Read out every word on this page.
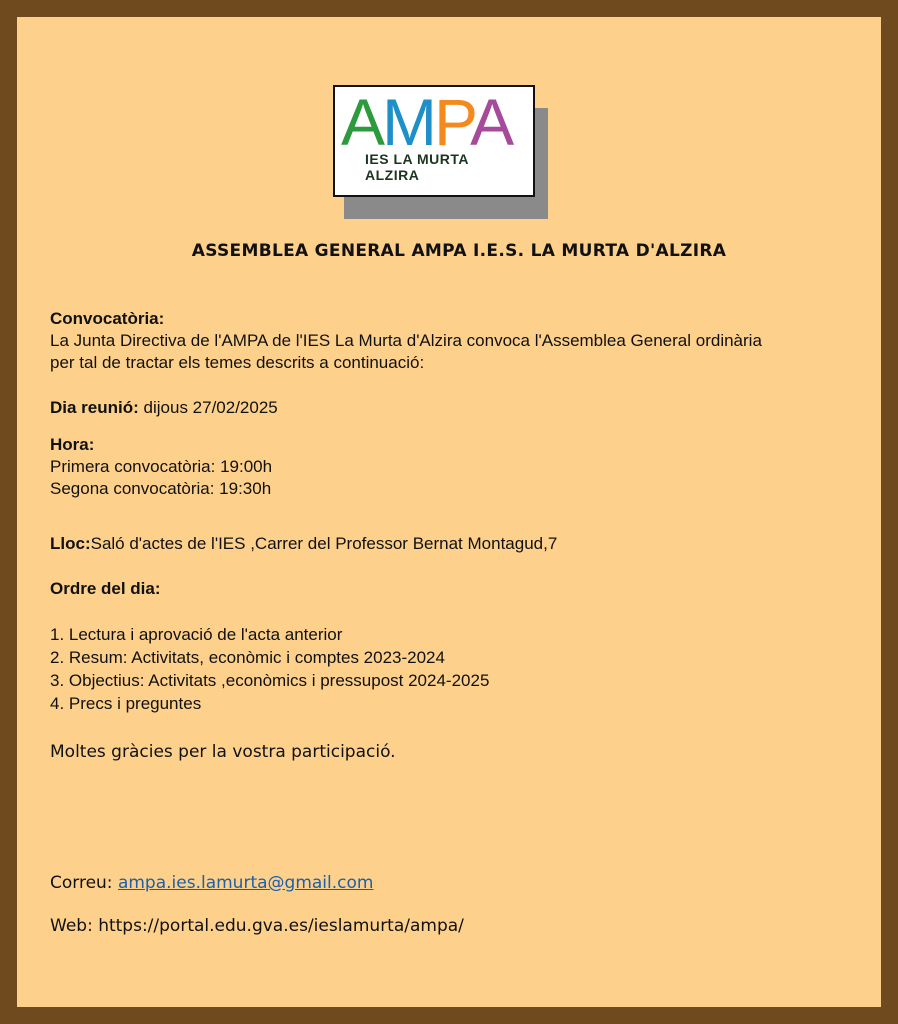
AMPA
IES LA MURTA
ALZIRA
ASSEMBLEA GENERAL AMPA I.E.S. LA MURTA D'ALZIRA
Convocatòria:
La Junta Directiva de l'AMPA de l'IES La Murta d'Alzira convoca l'Assemblea General ordinària
per tal de tractar els temes descrits a continuació:
Dia reunió: dijous 27/02/2025
Hora:
Primera convocatòria: 19:00h
Segona convocatòria: 19:30h
Lloc:Saló d'actes de l'IES ,Carrer del Professor Bernat Montagud,7
Ordre del dia:
1. Lectura i aprovació de l'acta anterior
2. Resum: Activitats, econòmic i comptes 2023-2024
3. Objectius: Activitats ,econòmics i pressupost 2024-2025
4. Precs i preguntes
Moltes gràcies per la vostra participació.
Correu: ampa.ies.lamurta@gmail.com
Web: https://portal.edu.gva.es/ieslamurta/ampa/
